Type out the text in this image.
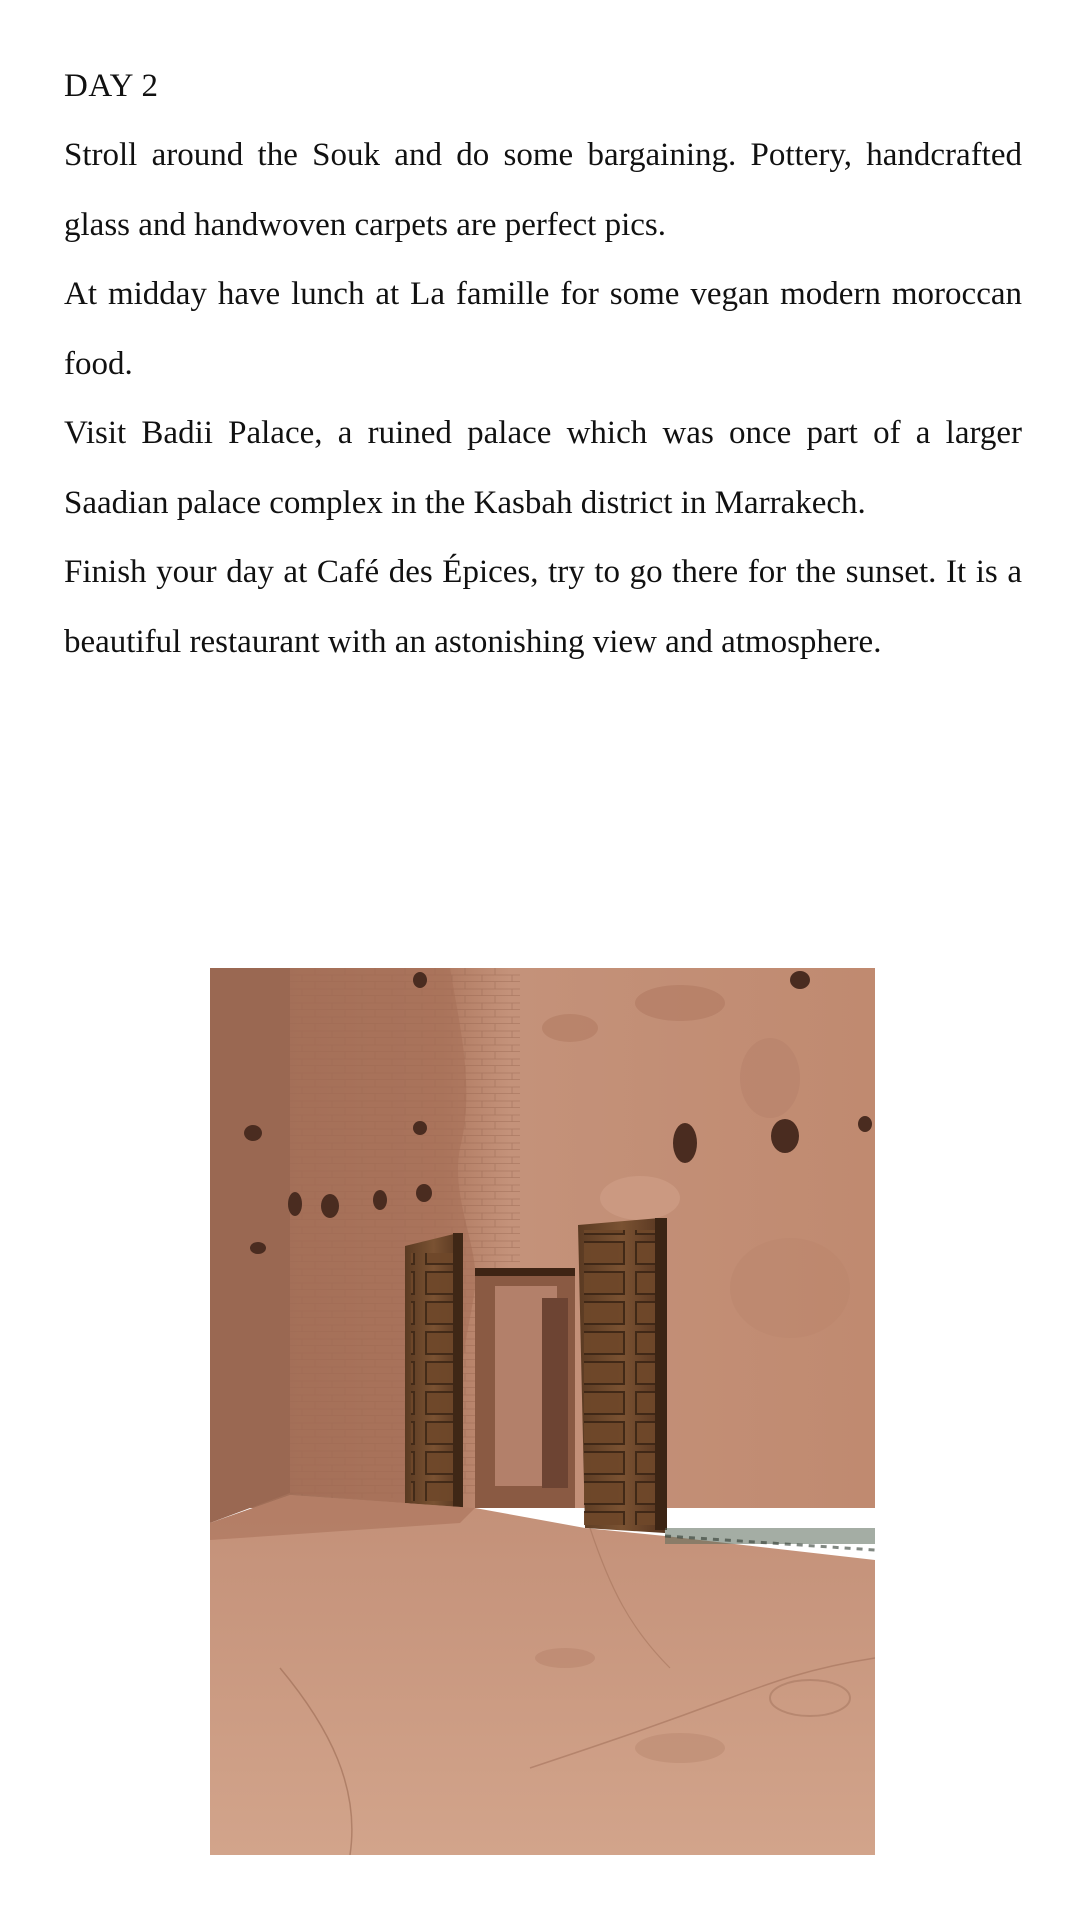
DAY 2

Stroll around the Souk and do some bargaining. Pottery, handcrafted glass and handwoven carpets are perfect pics.

At midday have lunch at La famille for some vegan modern moroccan food.

Visit Badii Palace, a ruined palace which was once part of a larger Saadian palace complex in the Kasbah district in Marrakech.

Finish your day at Café des Épices, try to go there for the sunset. It is a beautiful restaurant with an astonishing view and atmosphere.
